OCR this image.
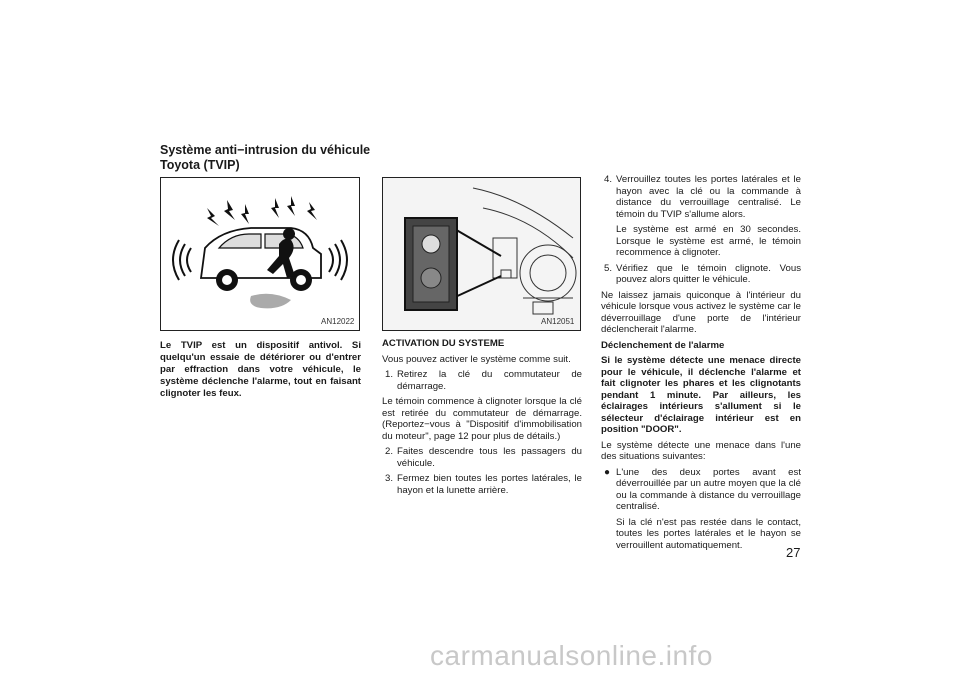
Système anti−intrusion du véhicule Toyota (TVIP)
AN12022	AN12051
Le TVIP est un dispositif antivol. Si quelqu'un essaie de détériorer ou d'entrer par effraction dans votre véhicule, le système déclenche l'alarme, tout en faisant clignoter les feux.

ACTIVATION DU SYSTEME

Vous pouvez activer le système comme suit.

1. Retirez la clé du commutateur de démarrage.

Le témoin commence à clignoter lorsque la clé est retirée du commutateur de démarrage. (Reportez−vous à "Dispositif d'immobilisation du moteur", page 12 pour plus de détails.)

2. Faites descendre tous les passagers du véhicule.

3. Fermez bien toutes les portes latérales, le hayon et la lunette arrière.

4. Verrouillez toutes les portes latérales et le hayon avec la clé ou la commande à distance du verrouillage centralisé. Le témoin du TVIP s'allume alors.

Le système est armé en 30 secondes. Lorsque le système est armé, le témoin recommence à clignoter.

5. Vérifiez que le témoin clignote. Vous pouvez alors quitter le véhicule.

Ne laissez jamais quiconque à l'intérieur du véhicule lorsque vous activez le système car le déverrouillage d'une porte de l'intérieur déclencherait l'alarme.

Déclenchement de l'alarme

Si le système détecte une menace directe pour le véhicule, il déclenche l'alarme et fait clignoter les phares et les clignotants pendant 1 minute. Par ailleurs, les éclairages intérieurs s'allument si le sélecteur d'éclairage intérieur est en position "DOOR".

Le système détecte une menace dans l'une des situations suivantes:

● L'une des deux portes avant est déverrouillée par un autre moyen que la clé ou la commande à distance du verrouillage centralisé.

Si la clé n'est pas restée dans le contact, toutes les portes latérales et le hayon se verrouillent automatiquement.	27
carmanualsonline.info
